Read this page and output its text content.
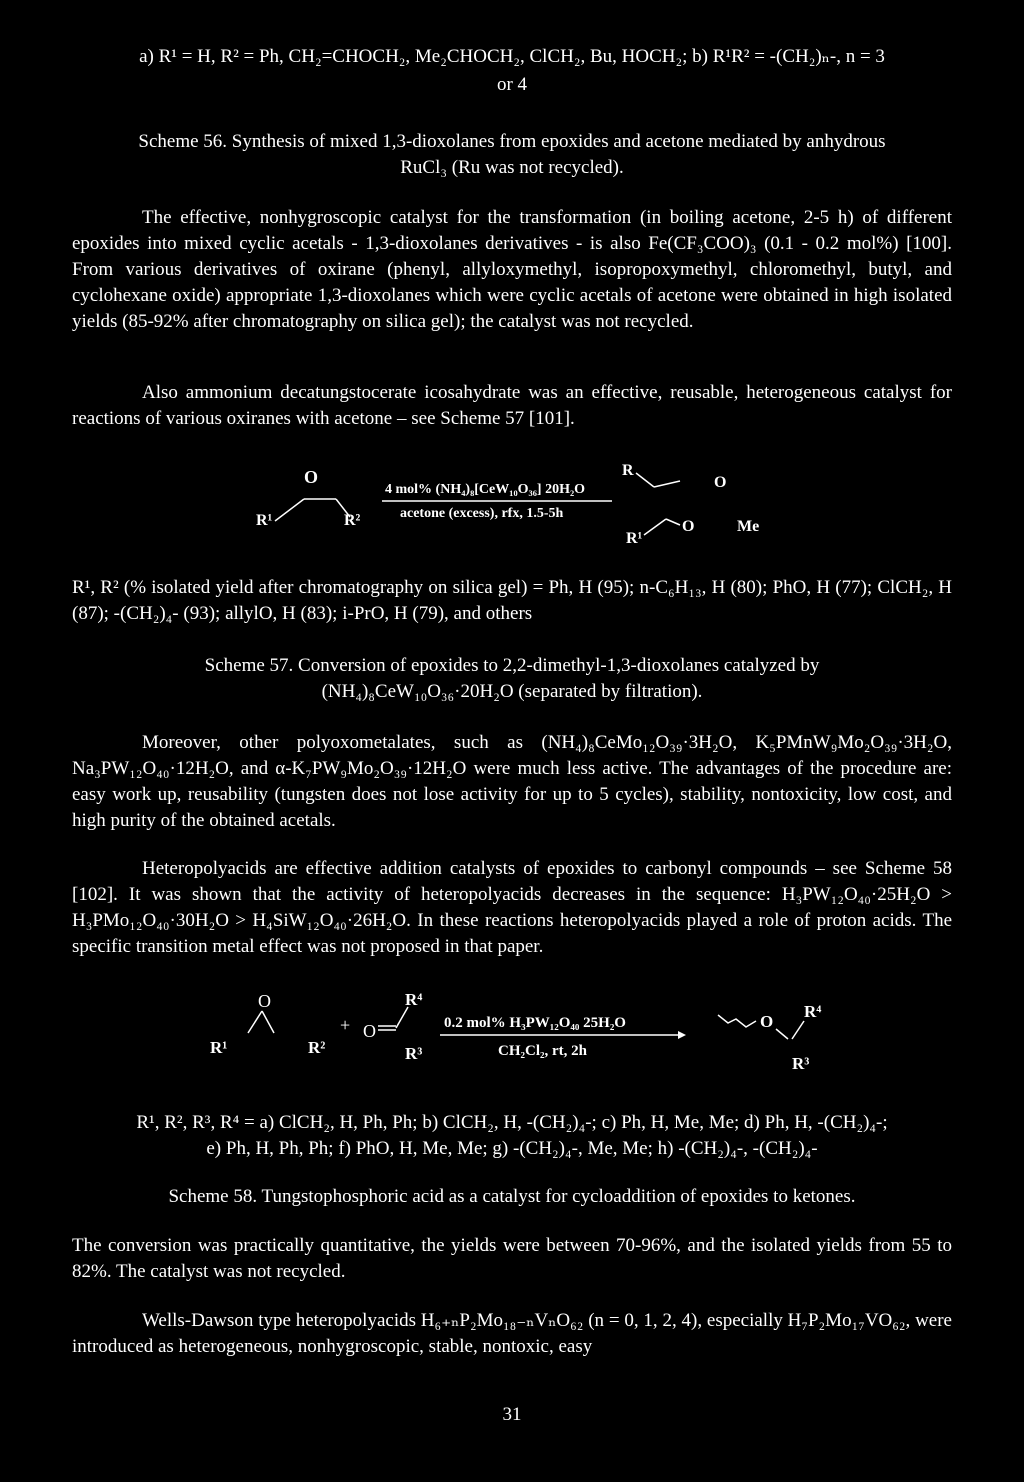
a) R¹ = H, R² = Ph, CH₂=CHOCH₂, Me₂CHOCH₂, ClCH₂, Bu, HOCH₂; b) R¹R² = -(CH₂)ₙ-, n = 3

or 4

Scheme 56. Synthesis of mixed 1,3-dioxolanes from epoxides and acetone mediated by anhydrous

RuCl₃ (Ru was not recycled).

The effective, nonhygroscopic catalyst for the transformation (in boiling acetone, 2-5 h) of different epoxides into mixed cyclic acetals - 1,3-dioxolanes derivatives - is also Fe(CF₃COO)₃ (0.1 - 0.2 mol%) [100]. From various derivatives of oxirane (phenyl, allyloxymethyl, isopropoxymethyl, chloromethyl, butyl, and cyclohexane oxide) appropriate 1,3-dioxolanes which were cyclic acetals of acetone were obtained in high isolated yields (85-92% after chromatography on silica gel); the catalyst was not recycled.

Also ammonium decatungstocerate icosahydrate was an effective, reusable, heterogeneous catalyst for reactions of various oxiranes with acetone – see Scheme 57 [101].

O
R¹	R²
4 mol% (NH₄)₈[CeW₁₀O₃₆] 20H₂O
acetone (excess), rfx, 1.5-5h
R
O
R¹
O	Me

R¹, R² (% isolated yield after chromatography on silica gel) = Ph, H (95); n-C₆H₁₃, H (80); PhO, H (77); ClCH₂, H (87); -(CH₂)₄- (93); allylO, H (83); i-PrO, H (79), and others

Scheme 57. Conversion of epoxides to 2,2-dimethyl-1,3-dioxolanes catalyzed by

(NH₄)₈CeW₁₀O₃₆·20H₂O (separated by filtration).

Moreover, other polyoxometalates, such as (NH₄)₈CeMo₁₂O₃₉·3H₂O, K₅PMnW₉Mo₂O₃₉·3H₂O, Na₃PW₁₂O₄₀·12H₂O, and α-K₇PW₉Mo₂O₃₉·12H₂O were much less active. The advantages of the procedure are: easy work up, reusability (tungsten does not lose activity for up to 5 cycles), stability, nontoxicity, low cost, and high purity of the obtained acetals.

Heteropolyacids are effective addition catalysts of epoxides to carbonyl compounds – see Scheme 58 [102]. It was shown that the activity of heteropolyacids decreases in the sequence: H₃PW₁₂O₄₀·25H₂O > H₃PMo₁₂O₄₀·30H₂O > H₄SiW₁₂O₄₀·26H₂O. In these reactions heteropolyacids played a role of proton acids. The specific transition metal effect was not proposed in that paper.

O
R¹	R²
+ O
R⁴
R³
0.2 mol% H₃PW₁₂O₄₀ 25H₂O
CH₂Cl₂, rt, 2h
O
R⁴
R³

R¹, R², R³, R⁴ = a) ClCH₂, H, Ph, Ph; b) ClCH₂, H, -(CH₂)₄-; c) Ph, H, Me, Me; d) Ph, H, -(CH₂)₄-;

e) Ph, H, Ph, Ph; f) PhO, H, Me, Me; g) -(CH₂)₄-, Me, Me; h) -(CH₂)₄-, -(CH₂)₄-

Scheme 58. Tungstophosphoric acid as a catalyst for cycloaddition of epoxides to ketones.

The conversion was practically quantitative, the yields were between 70-96%, and the isolated yields from 55 to 82%. The catalyst was not recycled.

Wells-Dawson type heteropolyacids H₆₊ₙP₂Mo₁₈₋ₙVₙO₆₂ (n = 0, 1, 2, 4), especially H₇P₂Mo₁₇VO₆₂, were introduced as heterogeneous, nonhygroscopic, stable, nontoxic, easy

31
